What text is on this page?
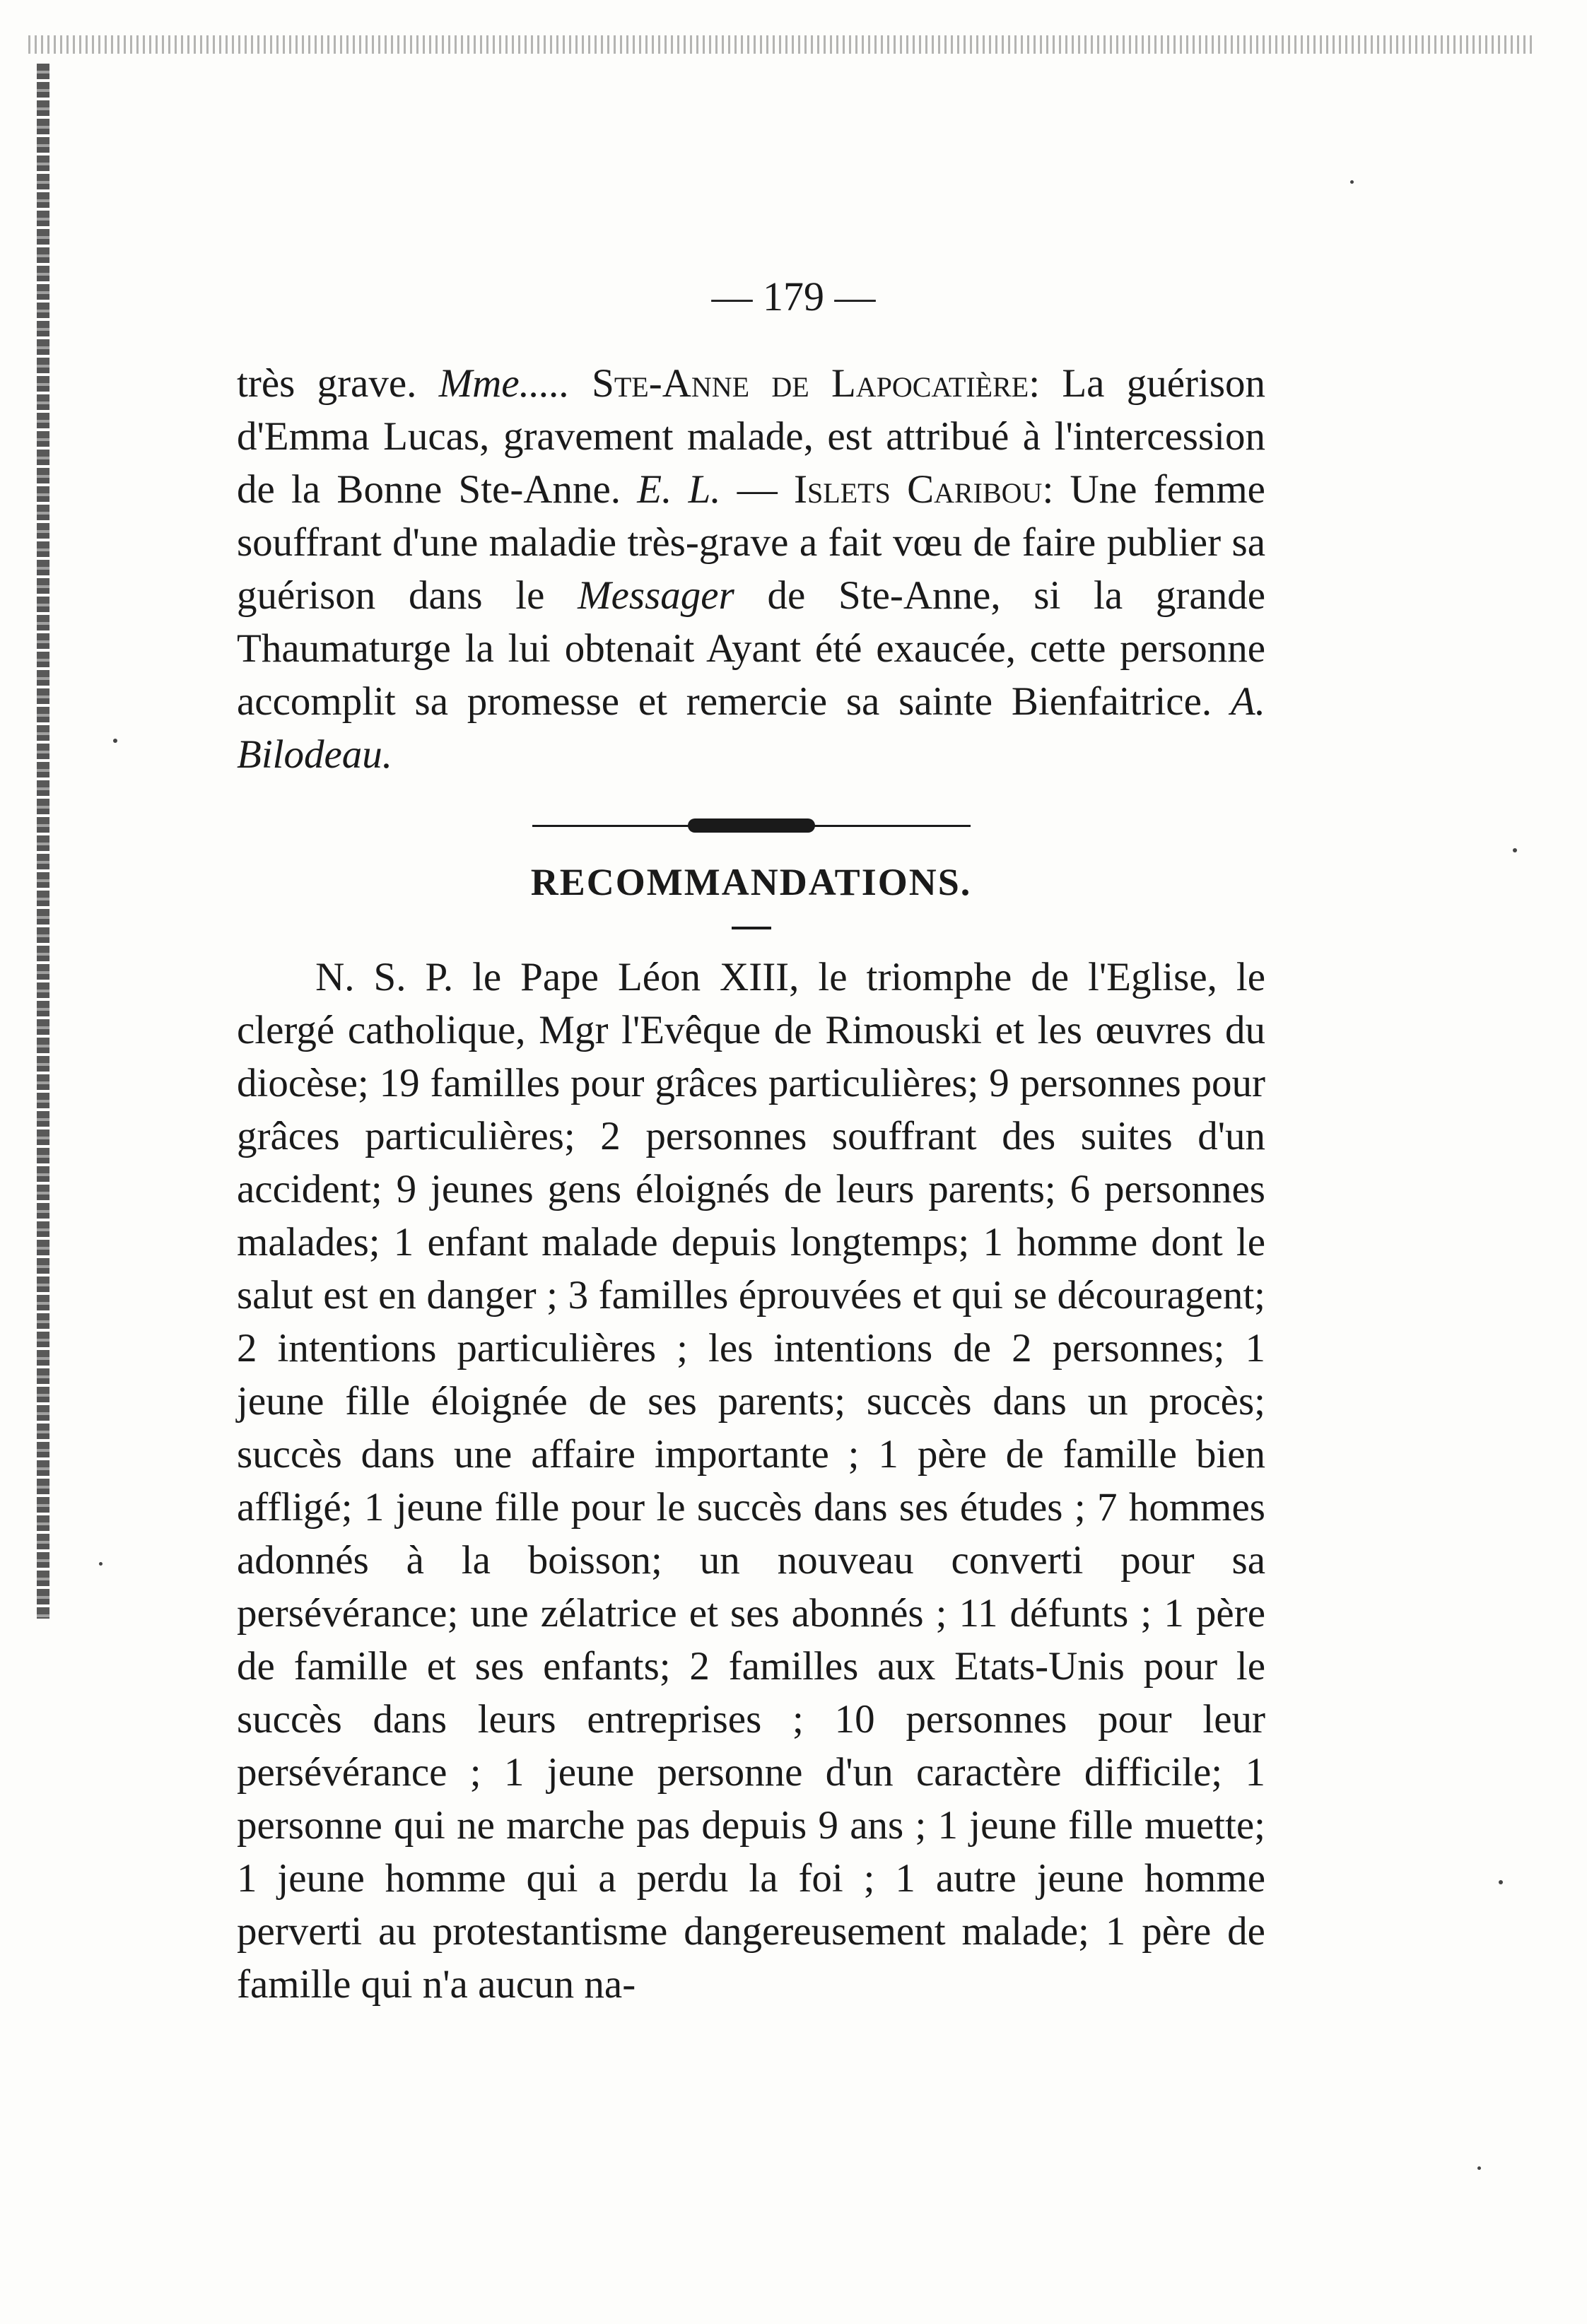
— 179 —

très grave. Mme..... Ste-Anne de Lapocatière: La guérison d'Emma Lucas, gravement malade, est attribué à l'intercession de la Bonne Ste-Anne. E. L. — Islets Caribou: Une femme souffrant d'une maladie très-grave a fait vœu de faire publier sa guérison dans le Messager de Ste-Anne, si la grande Thaumaturge la lui obtenait Ayant été exaucée, cette personne accomplit sa promesse et remercie sa sainte Bienfaitrice. A. Bilodeau.

RECOMMANDATIONS.

N. S. P. le Pape Léon XIII, le triomphe de l'Eglise, le clergé catholique, Mgr l'Evêque de Rimouski et les œuvres du diocèse; 19 familles pour grâces particulières; 9 personnes pour grâces particulières; 2 personnes souffrant des suites d'un accident; 9 jeunes gens éloignés de leurs parents; 6 personnes malades; 1 enfant malade depuis longtemps; 1 homme dont le salut est en danger ; 3 familles éprouvées et qui se découragent; 2 intentions particulières ; les intentions de 2 personnes; 1 jeune fille éloignée de ses parents; succès dans un procès; succès dans une affaire importante ; 1 père de famille bien affligé; 1 jeune fille pour le succès dans ses études ; 7 hommes adonnés à la boisson; un nouveau converti pour sa persévérance; une zélatrice et ses abonnés ; 11 défunts ; 1 père de famille et ses enfants; 2 familles aux Etats-Unis pour le succès dans leurs entreprises ; 10 personnes pour leur persévérance ; 1 jeune personne d'un caractère difficile; 1 personne qui ne marche pas depuis 9 ans ; 1 jeune fille muette; 1 jeune homme qui a perdu la foi ; 1 autre jeune homme perverti au protestantisme dangereusement malade; 1 père de famille qui n'a aucun na-
